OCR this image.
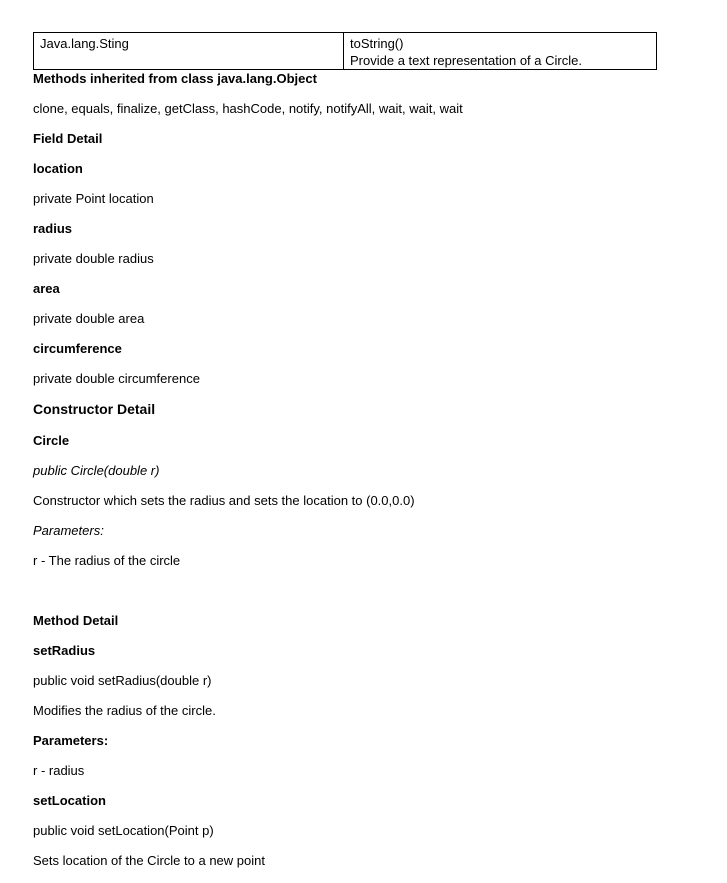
Java.lang.Sting	toString()
Provide a text representation of a Circle.
Methods inherited from class java.lang.Object
clone, equals, finalize, getClass, hashCode, notify, notifyAll, wait, wait, wait
Field Detail
location
private Point location
radius
private double radius
area
private double area
circumference
private double circumference
Constructor Detail
Circle
public Circle(double r)
Constructor which sets the radius and sets the location to (0.0,0.0)
Parameters:
r - The radius of the circle
Method Detail
setRadius
public void setRadius(double r)
Modifies the radius of the circle.
Parameters:
r - radius
setLocation
public void setLocation(Point p)
Sets location of the Circle to a new point
